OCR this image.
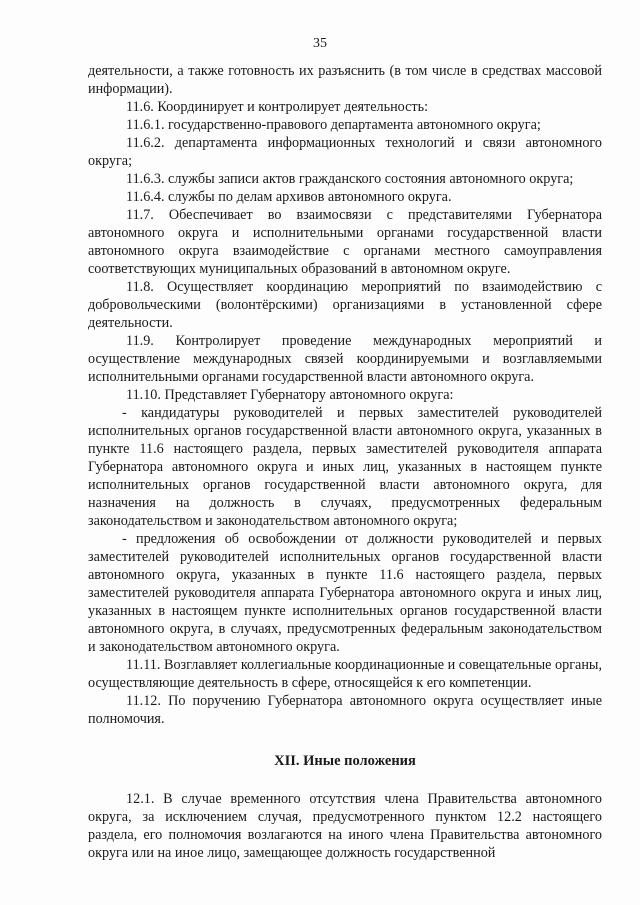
35

деятельности, а также готовность их разъяснить (в том числе в средствах массовой информации).

11.6. Координирует и контролирует деятельность:

11.6.1. государственно-правового департамента автономного округа;

11.6.2. департамента информационных технологий и связи автономного округа;

11.6.3. службы записи актов гражданского состояния автономного округа;

11.6.4. службы по делам архивов автономного округа.

11.7. Обеспечивает во взаимосвязи с представителями Губернатора автономного округа и исполнительными органами государственной власти автономного округа взаимодействие с органами местного самоуправления соответствующих муниципальных образований в автономном округе.

11.8. Осуществляет координацию мероприятий по взаимодействию с добровольческими (волонтёрскими) организациями в установленной сфере деятельности.

11.9. Контролирует проведение международных мероприятий и осуществление международных связей координируемыми и возглавляемыми исполнительными органами государственной власти автономного округа.

11.10. Представляет Губернатору автономного округа:

- кандидатуры руководителей и первых заместителей руководителей исполнительных органов государственной власти автономного округа, указанных в пункте 11.6 настоящего раздела, первых заместителей руководителя аппарата Губернатора автономного округа и иных лиц, указанных в настоящем пункте исполнительных органов государственной власти автономного округа, для назначения на должность в случаях, предусмотренных федеральным законодательством и законодательством автономного округа;

- предложения об освобождении от должности руководителей и первых заместителей руководителей исполнительных органов государственной власти автономного округа, указанных в пункте 11.6 настоящего раздела, первых заместителей руководителя аппарата Губернатора автономного округа и иных лиц, указанных в настоящем пункте исполнительных органов государственной власти автономного округа, в случаях, предусмотренных федеральным законодательством и законодательством автономного округа.

11.11. Возглавляет коллегиальные координационные и совещательные органы, осуществляющие деятельность в сфере, относящейся к его компетенции.

11.12. По поручению Губернатора автономного округа осуществляет иные полномочия.

XII. Иные положения

12.1. В случае временного отсутствия члена Правительства автономного округа, за исключением случая, предусмотренного пунктом 12.2 настоящего раздела, его полномочия возлагаются на иного члена Правительства автономного округа или на иное лицо, замещающее должность государственной
